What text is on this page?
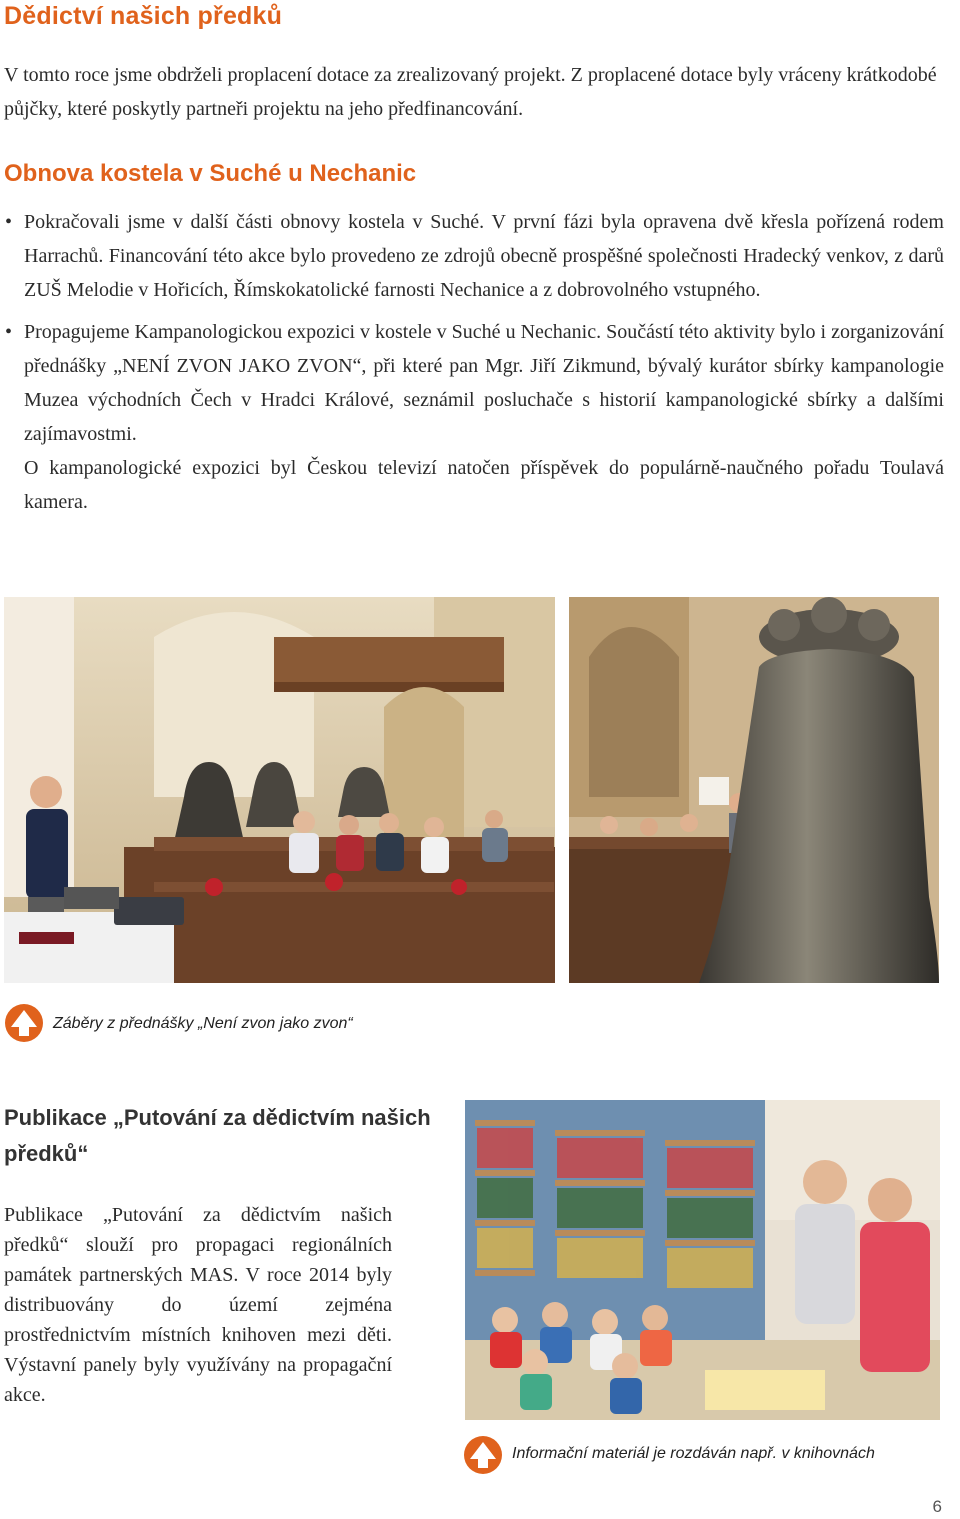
Dědictví našich předků

V tomto roce jsme obdrželi proplacení dotace za zrealizovaný projekt. Z proplacené dotace byly vráceny krátkodobé půjčky, které poskytly partneři projektu na jeho předfinancování.

Obnova kostela v Suché u Nechanic

• Pokračovali jsme v další části obnovy kostela v Suché. V první fázi byla opravena dvě křesla pořízená rodem Harrachů. Financování této akce bylo provedeno ze zdrojů obecně prospěšné společnosti Hradecký venkov, z darů ZUŠ Melodie v Hořicích, Římskokatolické farnosti Nechanice a z dobrovolného vstupného.

• Propagujeme Kampanologickou expozici v kostele v Suché u Nechanic. Součástí této aktivity bylo i zorganizování přednášky „NENÍ ZVON JAKO ZVON“, při které pan Mgr. Jiří Zikmund, bývalý kurátor sbírky kampanologie Muzea východních Čech v Hradci Králové, seznámil posluchače s historií kampanologické sbírky a dalšími zajímavostmi.

O kampanologické expozici byl Českou televizí natočen příspěvek do populárně-naučného pořadu Toulavá kamera.

Záběry z přednášky „Není zvon jako zvon“
Publikace „Putování za dědictvím našich předků“

Publikace „Putování za dědictvím našich předků“ slouží pro propagaci regionálních památek partnerských MAS. V roce 2014 byly distribuovány do území zejména prostřednictvím místních knihoven mezi děti. Výstavní panely byly využívány na propagační akce.

Informační materiál je rozdáván např. v knihovnách
6
